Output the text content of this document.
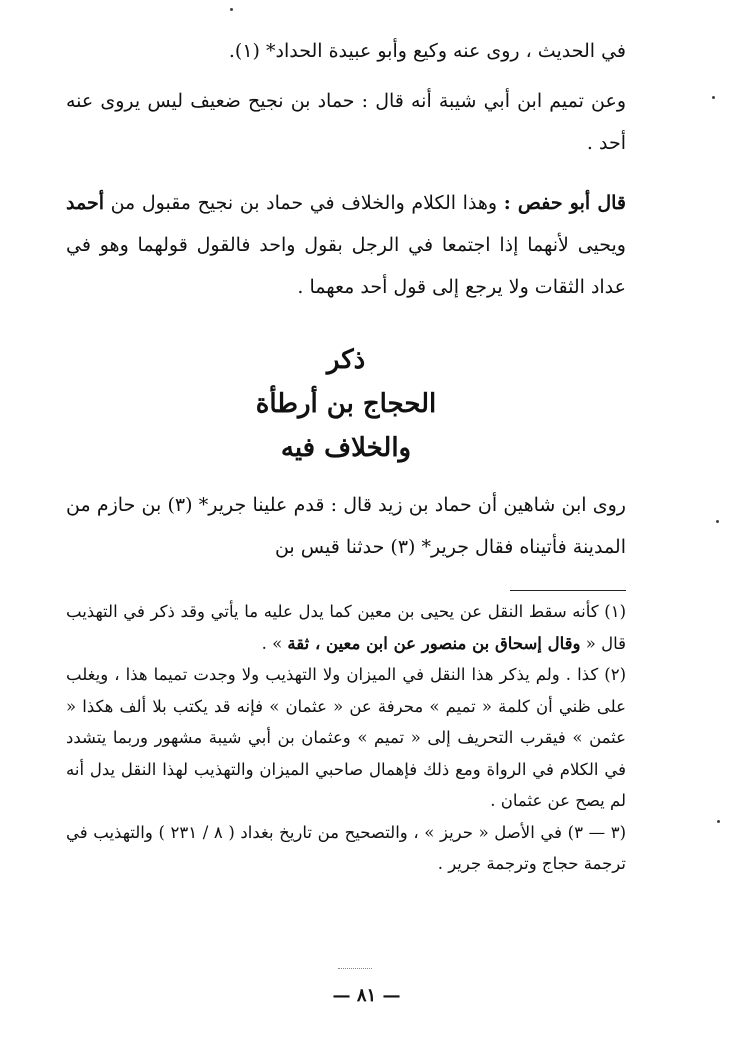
في الحديث ، روى عنه وكيع وأبو عبيدة الحداد* (١).

وعن تميم ابن أبي شيبة أنه قال : حماد بن نجيح ضعيف ليس يروى عنه أحد .

قال أبو حفص : وهذا الكلام والخلاف في حماد بن نجيح مقبول من أحمد ويحيى لأنهما إذا اجتمعا في الرجل بقول واحد فالقول قولهما وهو في عداد الثقات ولا يرجع إلى قول أحد معهما .

ذكر
الحجاج بن أرطأة
والخلاف فيه

روى ابن شاهين أن حماد بن زيد قال : قدم علينا جرير* (٣) بن حازم من المدينة فأتيناه فقال جرير* (٣) حدثنا قيس بن

(١) كأنه سقط النقل عن يحيى بن معين كما يدل عليه ما يأتي وقد ذكر في التهذيب قال « وقال إسحاق بن منصور عن ابن معين ، ثقة » .

(٢) كذا . ولم يذكر هذا النقل في الميزان ولا التهذيب ولا وجدت تميما هذا ، ويغلب على ظني أن كلمة « تميم » محرفة عن « عثمان » فإنه قد يكتب بلا ألف هكذا « عثمن » فيقرب التحريف إلى « تميم » وعثمان بن أبي شيبة مشهور وربما يتشدد في الكلام في الرواة ومع ذلك فإهمال صاحبي الميزان والتهذيب لهذا النقل يدل أنه لم يصح عن عثمان .

(٣ — ٣) في الأصل « حريز » ، والتصحيح من تاريخ بغداد ( ٨ / ٢٣١ ) والتهذيب في ترجمة حجاج وترجمة جرير .

— ٨١ —
